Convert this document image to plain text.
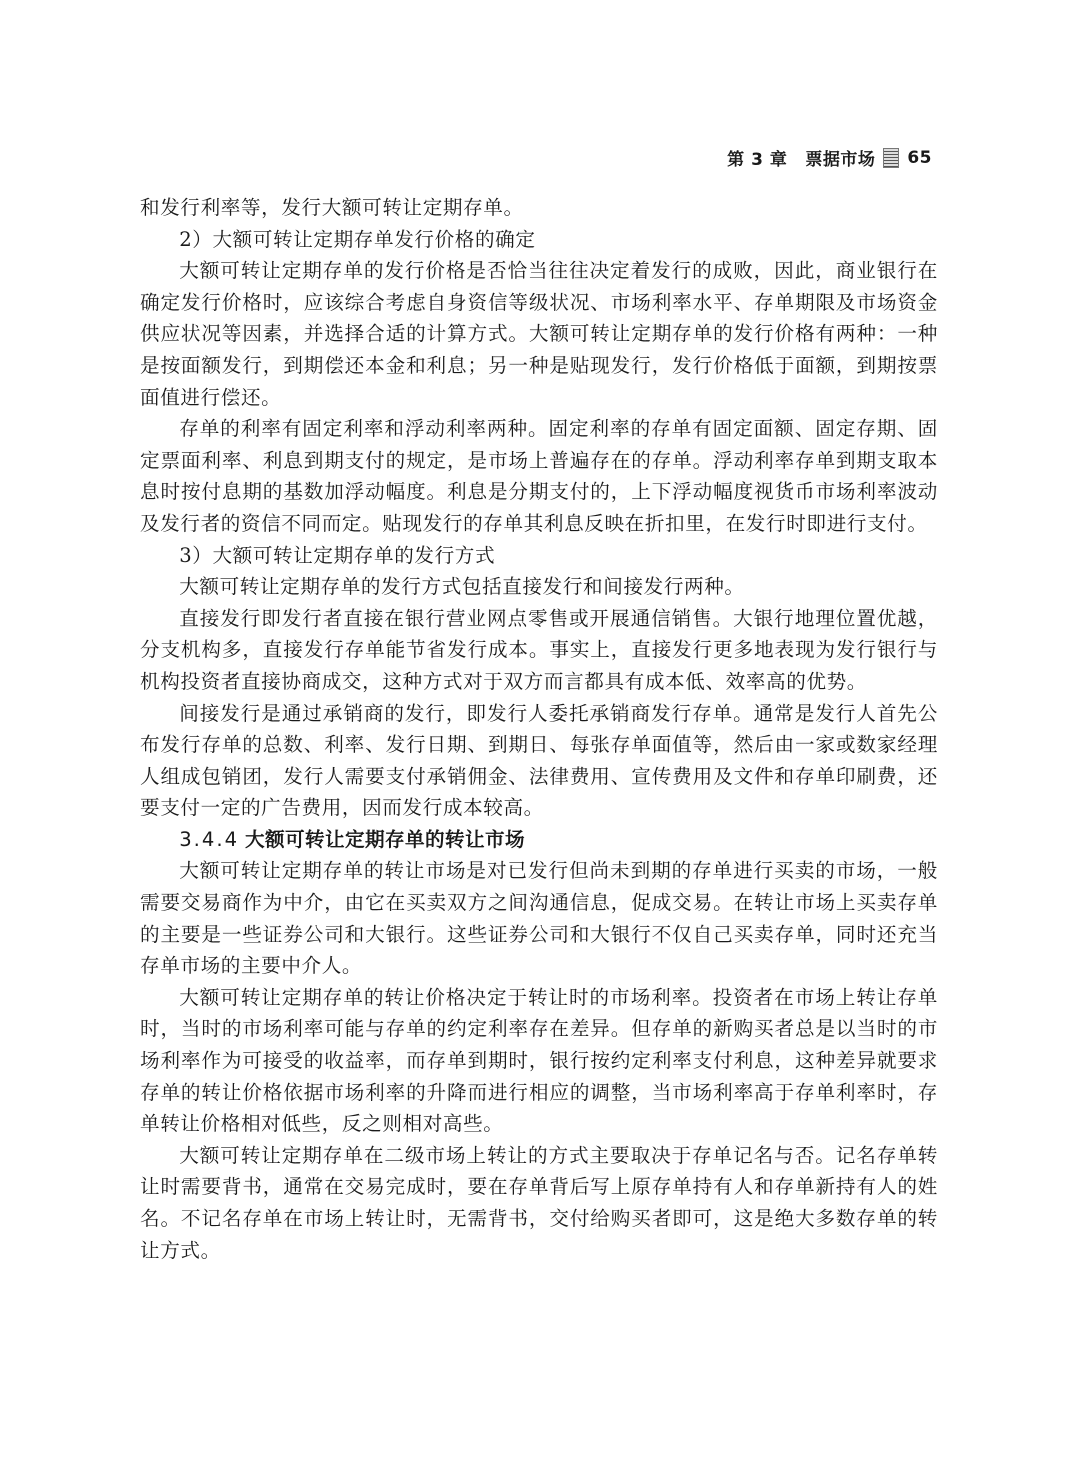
第 3 章 票据市场 65

和发行利率等，发行大额可转让定期存单。

2）大额可转让定期存单发行价格的确定

大额可转让定期存单的发行价格是否恰当往往决定着发行的成败，因此，商业银行在确定发行价格时，应该综合考虑自身资信等级状况、市场利率水平、存单期限及市场资金供应状况等因素，并选择合适的计算方式。大额可转让定期存单的发行价格有两种：一种是按面额发行，到期偿还本金和利息；另一种是贴现发行，发行价格低于面额，到期按票面值进行偿还。

存单的利率有固定利率和浮动利率两种。固定利率的存单有固定面额、固定存期、固定票面利率、利息到期支付的规定，是市场上普遍存在的存单。浮动利率存单到期支取本息时按付息期的基数加浮动幅度。利息是分期支付的，上下浮动幅度视货币市场利率波动及发行者的资信不同而定。贴现发行的存单其利息反映在折扣里，在发行时即进行支付。

3）大额可转让定期存单的发行方式

大额可转让定期存单的发行方式包括直接发行和间接发行两种。

直接发行即发行者直接在银行营业网点零售或开展通信销售。大银行地理位置优越，分支机构多，直接发行存单能节省发行成本。事实上，直接发行更多地表现为发行银行与机构投资者直接协商成交，这种方式对于双方而言都具有成本低、效率高的优势。

间接发行是通过承销商的发行，即发行人委托承销商发行存单。通常是发行人首先公布发行存单的总数、利率、发行日期、到期日、每张存单面值等，然后由一家或数家经理人组成包销团，发行人需要支付承销佣金、法律费用、宣传费用及文件和存单印刷费，还要支付一定的广告费用，因而发行成本较高。

3.4.4 大额可转让定期存单的转让市场

大额可转让定期存单的转让市场是对已发行但尚未到期的存单进行买卖的市场，一般需要交易商作为中介，由它在买卖双方之间沟通信息，促成交易。在转让市场上买卖存单的主要是一些证券公司和大银行。这些证券公司和大银行不仅自己买卖存单，同时还充当存单市场的主要中介人。

大额可转让定期存单的转让价格决定于转让时的市场利率。投资者在市场上转让存单时，当时的市场利率可能与存单的约定利率存在差异。但存单的新购买者总是以当时的市场利率作为可接受的收益率，而存单到期时，银行按约定利率支付利息，这种差异就要求存单的转让价格依据市场利率的升降而进行相应的调整，当市场利率高于存单利率时，存单转让价格相对低些，反之则相对高些。

大额可转让定期存单在二级市场上转让的方式主要取决于存单记名与否。记名存单转让时需要背书，通常在交易完成时，要在存单背后写上原存单持有人和存单新持有人的姓名。不记名存单在市场上转让时，无需背书，交付给购买者即可，这是绝大多数存单的转让方式。
